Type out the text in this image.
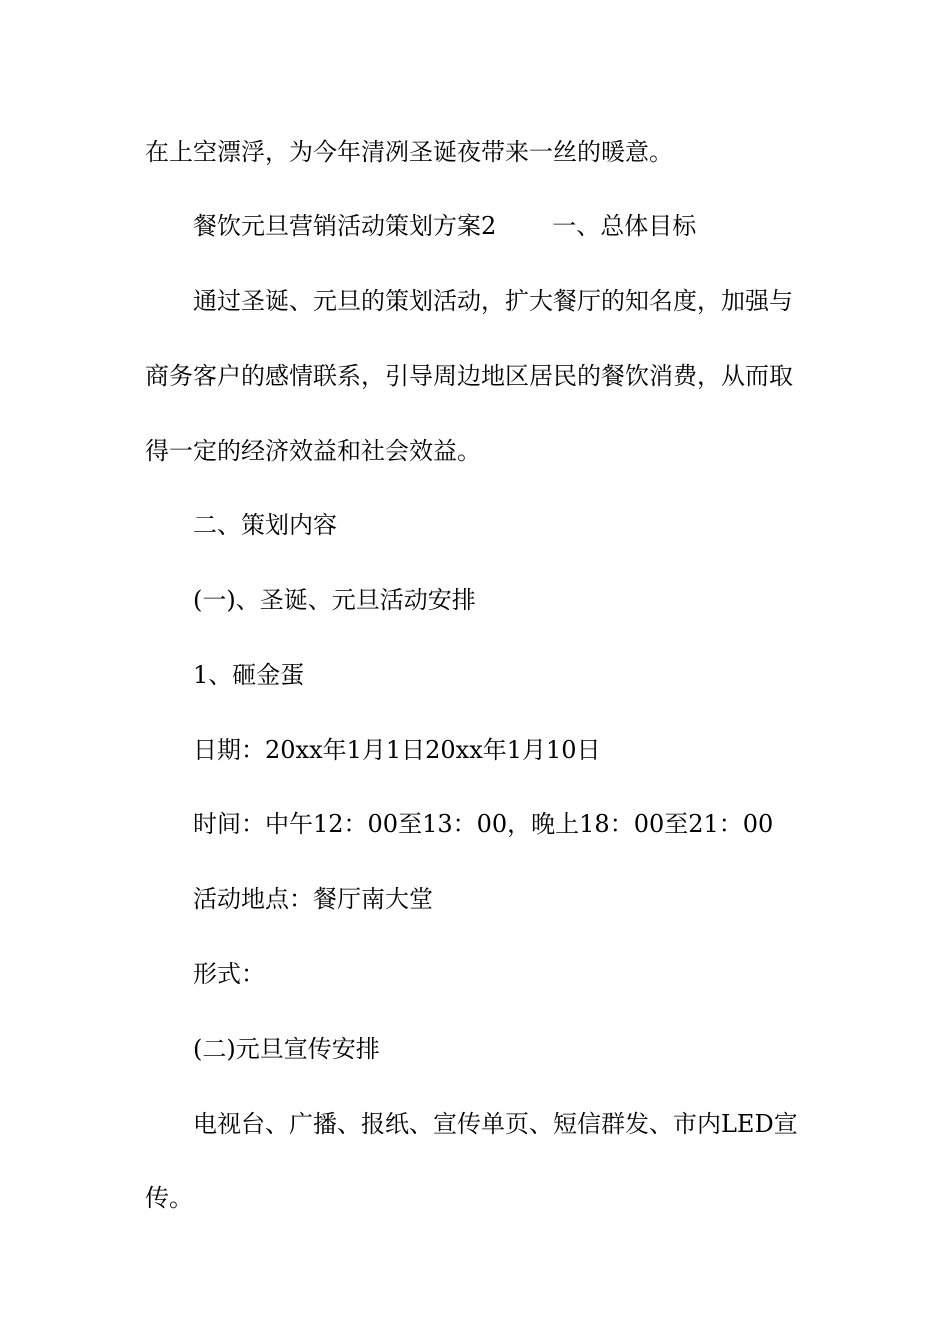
在上空漂浮，为今年清冽圣诞夜带来一丝的暖意。
餐饮元旦营销活动策划方案2 一、总体目标
通过圣诞、元旦的策划活动，扩大餐厅的知名度，加强与
商务客户的感情联系，引导周边地区居民的餐饮消费，从而取
得一定的经济效益和社会效益。
二、策划内容
(一)、圣诞、元旦活动安排
1、砸金蛋
日期：20xx年1月1日20xx年1月10日
时间：中午12：00至13：00，晚上18：00至21：00
活动地点：餐厅南大堂
形式：
(二)元旦宣传安排
电视台、广播、报纸、宣传单页、短信群发、市内LED宣
传。
